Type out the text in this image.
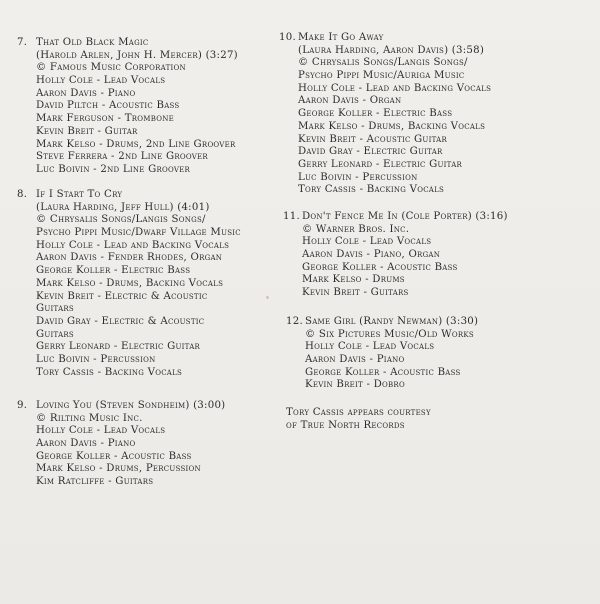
7. That Old Black Magic
(Harold Arlen, John H. Mercer) (3:27)
© Famous Music Corporation
Holly Cole - Lead Vocals
Aaron Davis - Piano
David Piltch - Acoustic Bass
Mark Ferguson - Trombone
Kevin Breit - Guitar
Mark Kelso - Drums, 2nd Line Groover
Steve Ferrera - 2nd Line Groover
Luc Boivin - 2nd Line Groover
8. If I Start To Cry
(Laura Harding, Jeff Hull) (4:01)
© Chrysalis Songs/Langis Songs/
Psycho Pippi Music/Dwarf Village Music
Holly Cole - Lead and Backing Vocals
Aaron Davis - Fender Rhodes, Organ
George Koller - Electric Bass
Mark Kelso - Drums, Backing Vocals
Kevin Breit - Electric & Acoustic
Guitars
David Gray - Electric & Acoustic
Guitars
Gerry Leonard - Electric Guitar
Luc Boivin - Percussion
Tory Cassis - Backing Vocals
9. Loving You (Steven Sondheim) (3:00)
© Rilting Music Inc.
Holly Cole - Lead Vocals
Aaron Davis - Piano
George Koller - Acoustic Bass
Mark Kelso - Drums, Percussion
Kim Ratcliffe - Guitars
10. Make It Go Away
(Laura Harding, Aaron Davis) (3:58)
© Chrysalis Songs/Langis Songs/
Psycho Pippi Music/Auriga Music
Holly Cole - Lead and Backing Vocals
Aaron Davis - Organ
George Koller - Electric Bass
Mark Kelso - Drums, Backing Vocals
Kevin Breit - Acoustic Guitar
David Gray - Electric Guitar
Gerry Leonard - Electric Guitar
Luc Boivin - Percussion
Tory Cassis - Backing Vocals
11. Don't Fence Me In (Cole Porter) (3:16)
© Warner Bros. Inc.
Holly Cole - Lead Vocals
Aaron Davis - Piano, Organ
George Koller - Acoustic Bass
Mark Kelso - Drums
Kevin Breit - Guitars
12. Same Girl (Randy Newman) (3:30)
© Six Pictures Music/Old Works
Holly Cole - Lead Vocals
Aaron Davis - Piano
George Koller - Acoustic Bass
Kevin Breit - Dobro
Tory Cassis appears courtesy
of True North Records
